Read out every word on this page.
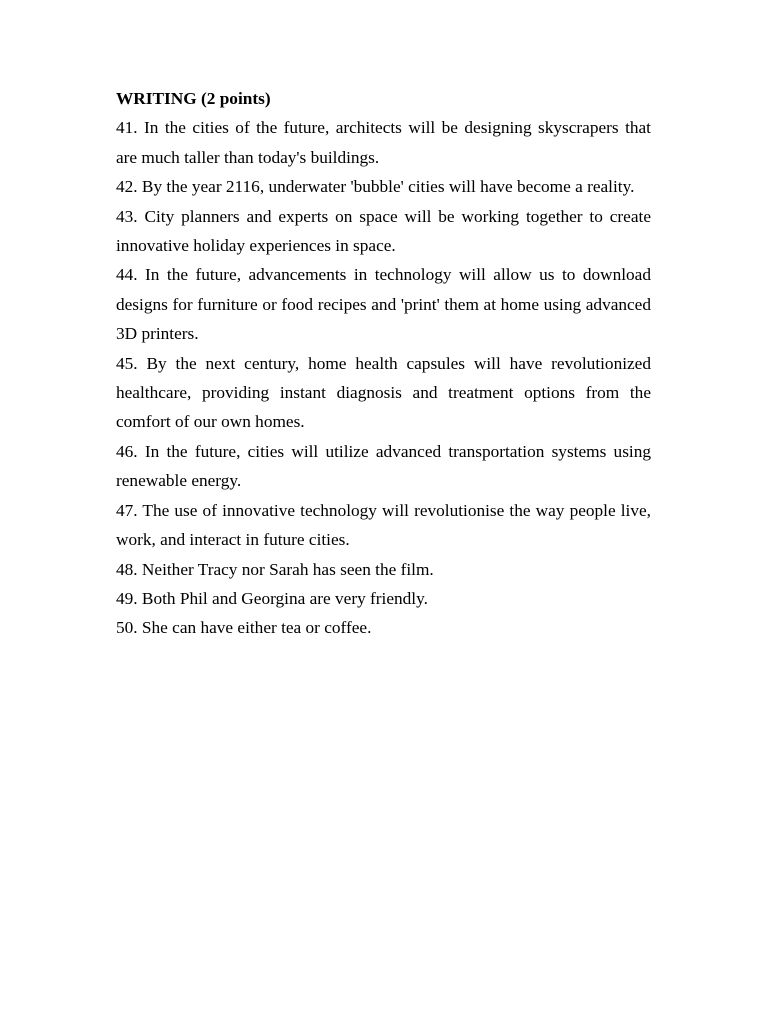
WRITING (2 points)

41. In the cities of the future, architects will be designing skyscrapers that are much taller than today's buildings.

42. By the year 2116, underwater 'bubble' cities will have become a reality.

43. City planners and experts on space will be working together to create innovative holiday experiences in space.

44. In the future, advancements in technology will allow us to download designs for furniture or food recipes and 'print' them at home using advanced 3D printers.

45. By the next century, home health capsules will have revolutionized healthcare, providing instant diagnosis and treatment options from the comfort of our own homes.

46. In the future, cities will utilize advanced transportation systems using renewable energy.

47. The use of innovative technology will revolutionise the way people live, work, and interact in future cities.

48. Neither Tracy nor Sarah has seen the film.

49. Both Phil and Georgina are very friendly.

50. She can have either tea or coffee.
